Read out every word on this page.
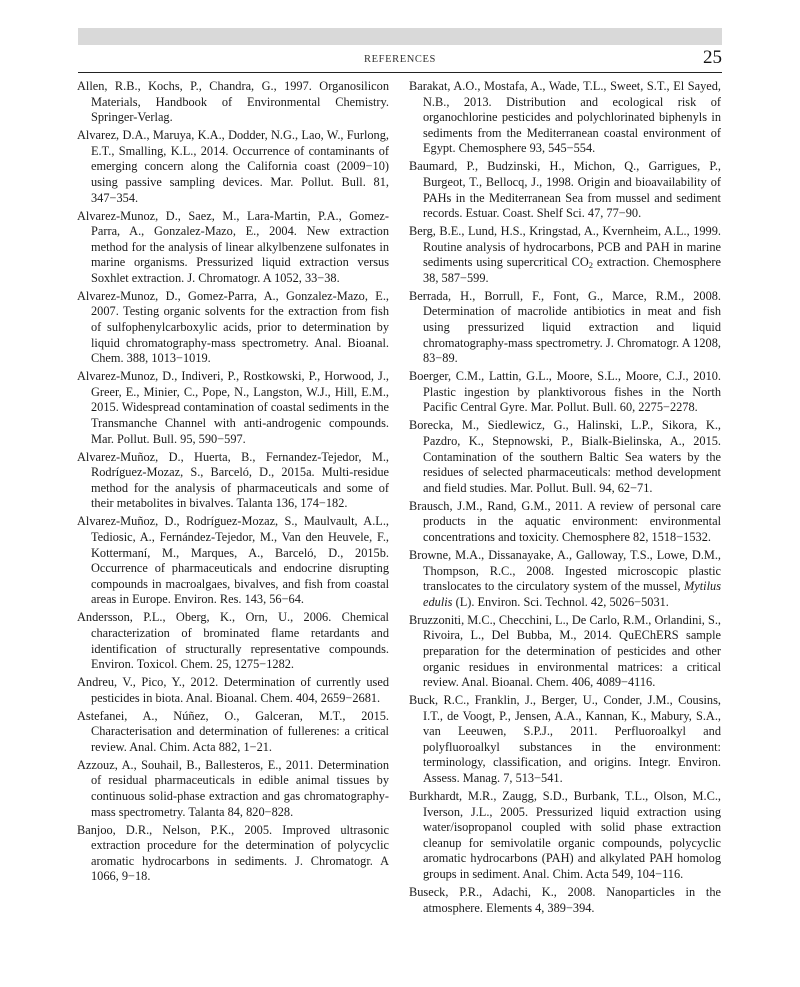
REFERENCES	25

Allen, R.B., Kochs, P., Chandra, G., 1997. Organosilicon Materials, Handbook of Environmental Chemistry. Springer-Verlag.

Alvarez, D.A., Maruya, K.A., Dodder, N.G., Lao, W., Furlong, E.T., Smalling, K.L., 2014. Occurrence of contaminants of emerging concern along the California coast (2009−10) using passive sampling devices. Mar. Pollut. Bull. 81, 347−354.

Alvarez-Munoz, D., Saez, M., Lara-Martin, P.A., Gomez-Parra, A., Gonzalez-Mazo, E., 2004. New extraction method for the analysis of linear alkylbenzene sulfonates in marine organisms. Pressurized liquid extraction versus Soxhlet extraction. J. Chromatogr. A 1052, 33−38.

Alvarez-Munoz, D., Gomez-Parra, A., Gonzalez-Mazo, E., 2007. Testing organic solvents for the extraction from fish of sulfophenylcarboxylic acids, prior to determination by liquid chromatography-mass spectrometry. Anal. Bioanal. Chem. 388, 1013−1019.

Alvarez-Munoz, D., Indiveri, P., Rostkowski, P., Horwood, J., Greer, E., Minier, C., Pope, N., Langston, W.J., Hill, E.M., 2015. Widespread contamination of coastal sediments in the Transmanche Channel with anti-androgenic compounds. Mar. Pollut. Bull. 95, 590−597.

Alvarez-Muñoz, D., Huerta, B., Fernandez-Tejedor, M., Rodríguez-Mozaz, S., Barceló, D., 2015a. Multi-residue method for the analysis of pharmaceuticals and some of their metabolites in bivalves. Talanta 136, 174−182.

Alvarez-Muñoz, D., Rodríguez-Mozaz, S., Maulvault, A.L., Tediosic, A., Fernández-Tejedor, M., Van den Heuvele, F., Kottermaní, M., Marques, A., Barceló, D., 2015b. Occurrence of pharmaceuticals and endocrine disrupting compounds in macroalgaes, bivalves, and fish from coastal areas in Europe. Environ. Res. 143, 56−64.

Andersson, P.L., Oberg, K., Orn, U., 2006. Chemical characterization of brominated flame retardants and identification of structurally representative compounds. Environ. Toxicol. Chem. 25, 1275−1282.

Andreu, V., Pico, Y., 2012. Determination of currently used pesticides in biota. Anal. Bioanal. Chem. 404, 2659−2681.

Astefanei, A., Núñez, O., Galceran, M.T., 2015. Characterisation and determination of fullerenes: a critical review. Anal. Chim. Acta 882, 1−21.

Azzouz, A., Souhail, B., Ballesteros, E., 2011. Determination of residual pharmaceuticals in edible animal tissues by continuous solid-phase extraction and gas chromatography-mass spectrometry. Talanta 84, 820−828.

Banjoo, D.R., Nelson, P.K., 2005. Improved ultrasonic extraction procedure for the determination of polycyclic aromatic hydrocarbons in sediments. J. Chromatogr. A 1066, 9−18.

Barakat, A.O., Mostafa, A., Wade, T.L., Sweet, S.T., El Sayed, N.B., 2013. Distribution and ecological risk of organochlorine pesticides and polychlorinated biphenyls in sediments from the Mediterranean coastal environment of Egypt. Chemosphere 93, 545−554.

Baumard, P., Budzinski, H., Michon, Q., Garrigues, P., Burgeot, T., Bellocq, J., 1998. Origin and bioavailability of PAHs in the Mediterranean Sea from mussel and sediment records. Estuar. Coast. Shelf Sci. 47, 77−90.

Berg, B.E., Lund, H.S., Kringstad, A., Kvernheim, A.L., 1999. Routine analysis of hydrocarbons, PCB and PAH in marine sediments using supercritical $CO_2$ extraction. Chemosphere 38, 587−599.

Berrada, H., Borrull, F., Font, G., Marce, R.M., 2008. Determination of macrolide antibiotics in meat and fish using pressurized liquid extraction and liquid chromatography-mass spectrometry. J. Chromatogr. A 1208, 83−89.

Boerger, C.M., Lattin, G.L., Moore, S.L., Moore, C.J., 2010. Plastic ingestion by planktivorous fishes in the North Pacific Central Gyre. Mar. Pollut. Bull. 60, 2275−2278.

Borecka, M., Siedlewicz, G., Halinski, L.P., Sikora, K., Pazdro, K., Stepnowski, P., Bialk-Bielinska, A., 2015. Contamination of the southern Baltic Sea waters by the residues of selected pharmaceuticals: method development and field studies. Mar. Pollut. Bull. 94, 62−71.

Brausch, J.M., Rand, G.M., 2011. A review of personal care products in the aquatic environment: environmental concentrations and toxicity. Chemosphere 82, 1518−1532.

Browne, M.A., Dissanayake, A., Galloway, T.S., Lowe, D.M., Thompson, R.C., 2008. Ingested microscopic plastic translocates to the circulatory system of the mussel, Mytilus edulis (L). Environ. Sci. Technol. 42, 5026−5031.

Bruzzoniti, M.C., Checchini, L., De Carlo, R.M., Orlandini, S., Rivoira, L., Del Bubba, M., 2014. QuEChERS sample preparation for the determination of pesticides and other organic residues in environmental matrices: a critical review. Anal. Bioanal. Chem. 406, 4089−4116.

Buck, R.C., Franklin, J., Berger, U., Conder, J.M., Cousins, I.T., de Voogt, P., Jensen, A.A., Kannan, K., Mabury, S.A., van Leeuwen, S.P.J., 2011. Perfluoroalkyl and polyfluoroalkyl substances in the environment: terminology, classification, and origins. Integr. Environ. Assess. Manag. 7, 513−541.

Burkhardt, M.R., Zaugg, S.D., Burbank, T.L., Olson, M.C., Iverson, J.L., 2005. Pressurized liquid extraction using water/isopropanol coupled with solid phase extraction cleanup for semivolatile organic compounds, polycyclic aromatic hydrocarbons (PAH) and alkylated PAH homolog groups in sediment. Anal. Chim. Acta 549, 104−116.

Buseck, P.R., Adachi, K., 2008. Nanoparticles in the atmosphere. Elements 4, 389−394.
